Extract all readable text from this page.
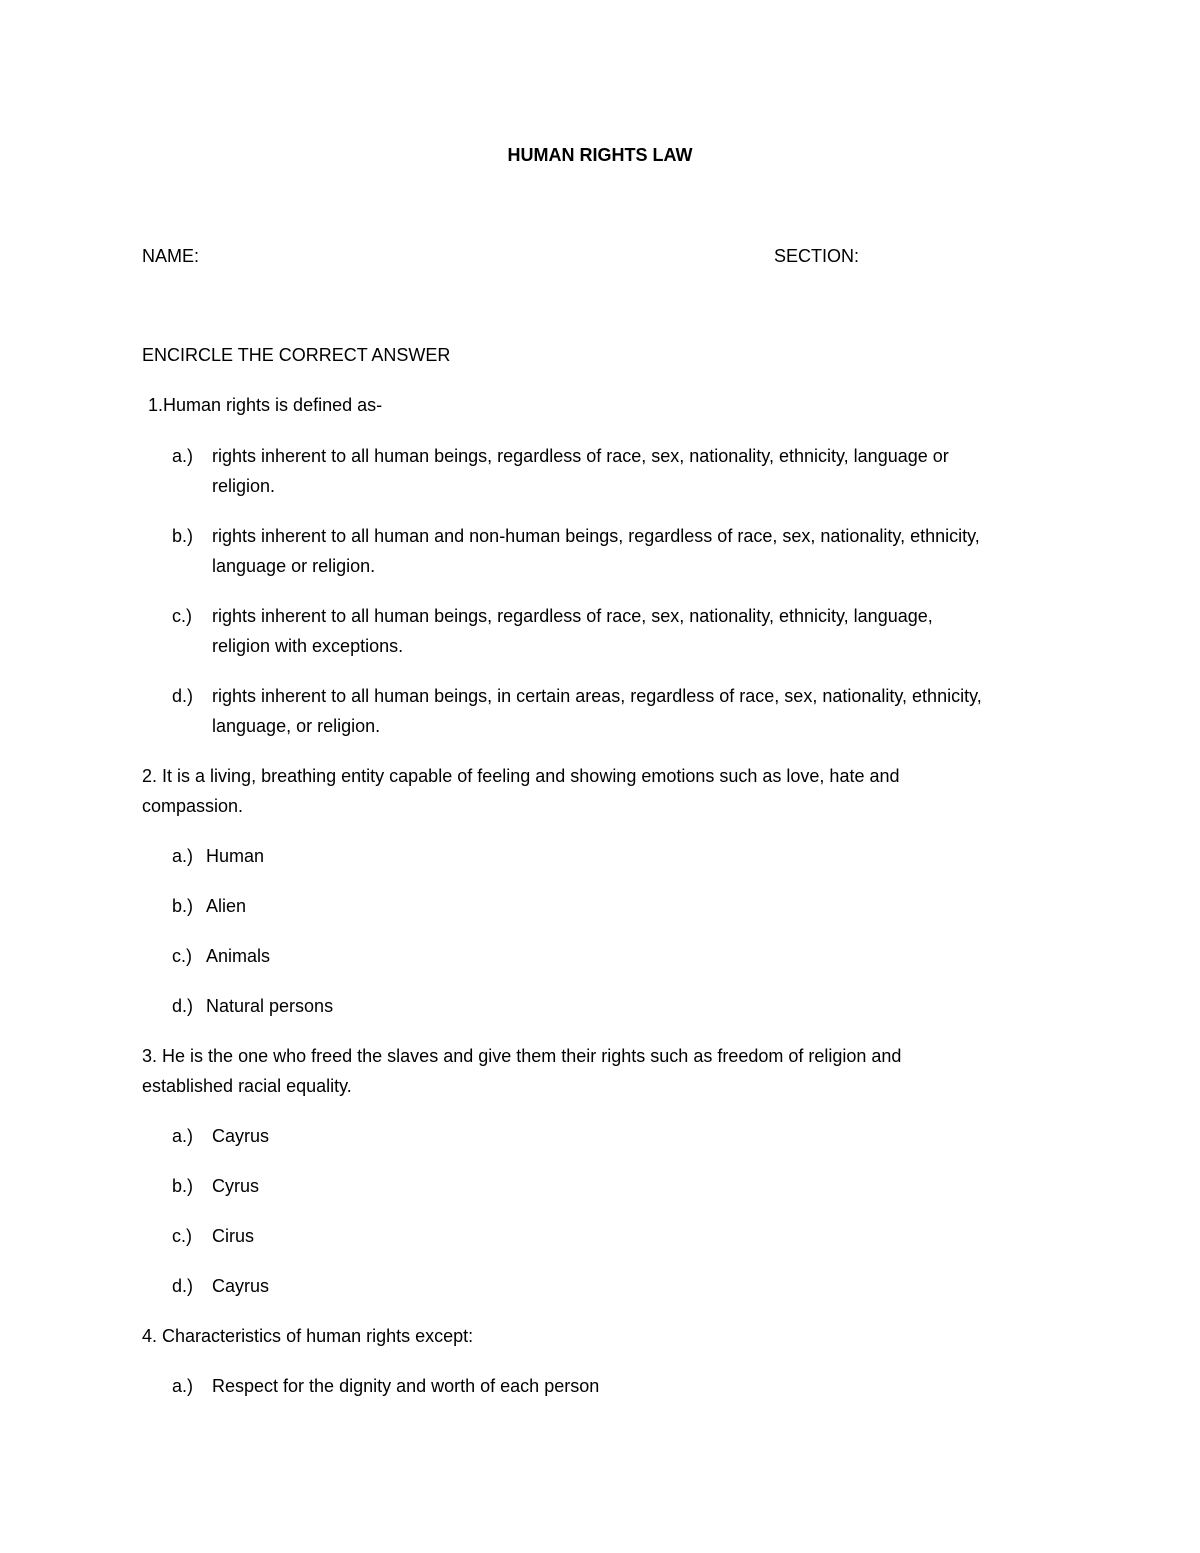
HUMAN RIGHTS LAW
NAME:	SECTION:
ENCIRCLE THE CORRECT ANSWER
1.Human rights is defined as-
a.) rights inherent to all human beings, regardless of race, sex, nationality, ethnicity, language or
religion.
b.) rights inherent to all human and non-human beings, regardless of race, sex, nationality, ethnicity,
language or religion.
c.) rights inherent to all human beings, regardless of race, sex, nationality, ethnicity, language,
religion with exceptions.
d.) rights inherent to all human beings, in certain areas, regardless of race, sex, nationality, ethnicity,
language, or religion.
2. It is a living, breathing entity capable of feeling and showing emotions such as love, hate and
compassion.
a.) Human
b.) Alien
c.) Animals
d.) Natural persons
3. He is the one who freed the slaves and give them their rights such as freedom of religion and
established racial equality.
a.) Cayrus
b.) Cyrus
c.) Cirus
d.) Cayrus
4. Characteristics of human rights except:
a.) Respect for the dignity and worth of each person
